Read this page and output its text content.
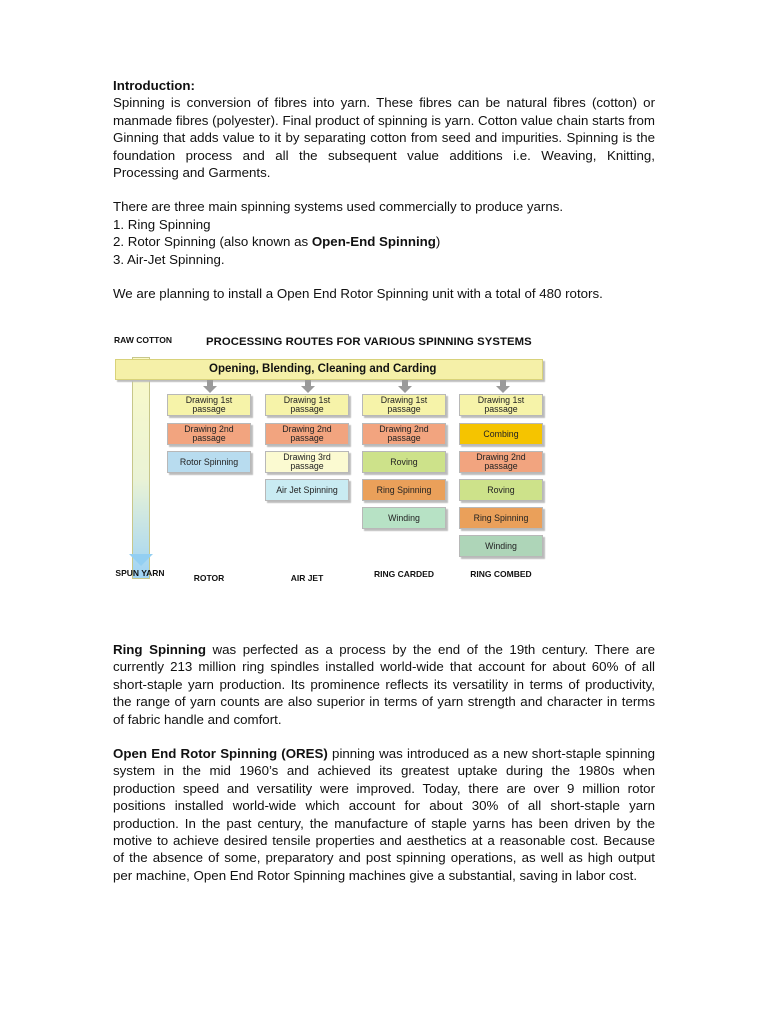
Introduction:

Spinning is conversion of fibres into yarn. These fibres can be natural fibres (cotton) or manmade fibres (polyester). Final product of spinning is yarn. Cotton value chain starts from Ginning that adds value to it by separating cotton from seed and impurities. Spinning is the foundation process and all the subsequent value additions i.e. Weaving, Knitting, Processing and Garments.

There are three main spinning systems used commercially to produce yarns.

1. Ring Spinning

2. Rotor Spinning (also known as Open-End Spinning)

3. Air-Jet Spinning.

We are planning to install a Open End Rotor Spinning unit with a total of 480 rotors.

RAW COTTON	PROCESSING ROUTES FOR VARIOUS SPINNING SYSTEMS
Opening, Blending, Cleaning and Carding
SPUN YARN
Drawing 1st passage
Drawing 2nd passage
Rotor Spinning
ROTOR
Drawing 1st passage
Drawing 2nd passage
Drawing 3rd passage
Air Jet Spinning
AIR JET
Drawing 1st passage
Drawing 2nd passage
Roving
Ring Spinning
Winding
RING CARDED
Drawing 1st passage
Combing
Drawing 2nd passage
Roving
Ring Spinning
Winding
RING COMBED

Ring Spinning was perfected as a process by the end of the 19th century. There are currently 213 million ring spindles installed world-wide that account for about 60% of all short-staple yarn production. Its prominence reflects its versatility in terms of productivity, the range of yarn counts are also superior in terms of yarn strength and character in terms of fabric handle and comfort.

Open End Rotor Spinning (ORES) pinning was introduced as a new short-staple spinning system in the mid 1960’s and achieved its greatest uptake during the 1980s when production speed and versatility were improved. Today, there are over 9 million rotor positions installed world-wide which account for about 30% of all short-staple yarn production. In the past century, the manufacture of staple yarns has been driven by the motive to achieve desired tensile properties and aesthetics at a reasonable cost. Because of the absence of some, preparatory and post spinning operations, as well as high output per machine, Open End Rotor Spinning machines give a substantial, saving in labor cost.
